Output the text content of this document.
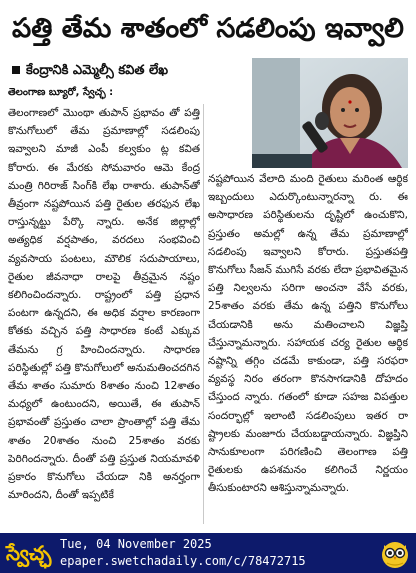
పత్తి తేమ శాతంలో సడలింపు ఇవ్వాలి
కేంద్రానికి ఎమ్మెల్సీ కవిత లేఖ
తెలంగాణ బ్యూరో, స్వేచ్ఛ :

తెలంగాణలో మొంథా తుపాన్ ప్రభావం తో పత్తి కొనుగోలులో తేమ ప్రమాణాల్లో సడలింపు ఇవ్వాలని మాజీ ఎంపీ కల్వకుం ట్ల కవిత కోరారు. ఈ మేరకు సోమవారం ఆమె కేంద్ర మంత్రి గిరిరాజ్ సింగ్‌కి లేఖ రాశారు. తుపాన్‌తో తీవ్రంగా నష్టపోయిన పత్తి రైతుల తరఫున లేఖ రాస్తున్నట్టు పేర్కొ న్నారు. అనేక జిల్లాల్లో అత్యధిక వర్షపాతం, వరదలు సంభవించి వ్యవసాయ పంటలు, మౌలిక సదుపాయాలు, రైతుల జీవనాధా రాలపై తీవ్రమైన నష్టం కలిగించిందన్నారు. రాష్ట్రంలో పత్తి ప్రధాన పంటగా ఉన్నదని, ఈ అధిక వర్షాల కారణంగా కోతకు వచ్చిన పత్తి సాధారణ కంటే ఎక్కువ తేమను గ్ర హించిందన్నారు. సాధారణ పరిస్థితుల్లో పత్తి కొనుగోలులో అనుమతించదగిన తేమ శాతం సుమారు 8శాతం నుంచి 12శాతం మధ్యలో ఉంటుందని, అయితే, ఈ తుపాన్ ప్రభావంతో ప్రస్తుతం చాలా ప్రాంతాల్లో పత్తి తేమ శాతం 20శాతం నుంచి 25శాతం వరకు పెరిగిందన్నారు. దీంతో పత్తి ప్రస్తుత నియమావళి ప్రకారం కొనుగోలు చేయడా నికి అనర్హంగా మారిందని, దీంతో ఇప్పటికే

నష్టపోయిన వేలాది మంది రైతులు మరింత ఆర్థిక ఇబ్బందులు ఎదుర్కొంటున్నారన్నా రు. ఈ అసాధారణ పరిస్థితులను దృష్టిలో ఉంచుకొని, ప్రస్తుతం అమల్లో ఉన్న తేమ ప్రమాణాల్లో సడలింపు ఇవ్వాలని కోరారు. ప్రస్తుతపత్తి కొనుగోలు సీజన్ ముగిసే వరకు లేదా ప్రభావితమైన పత్తి నిల్వలను సరిగా అంచనా వేసే వరకు, 25శాతం వరకు తేమ ఉన్న పత్తిని కొనుగోలు చేయడానికి అను మతించాలని విజ్ఞప్తి చేస్తున్నామన్నారు. సహాయక చర్య రైతుల ఆర్థిక నష్టాన్ని తగ్గిం చడమే కాకుండా, పత్తి సరఫరా వ్యవస్థ నిరం తరంగా కొనసాగడానికి దోహదం చేస్తుంద న్నారు. గతంలో కూడా సహజ విపత్తుల సందర్భాల్లో ఇలాంటి సడలింపులు ఇతర రా ష్ట్రాలకు మంజూరు చేయబడ్డాయన్నారు. విజ్ఞప్తిని సానుకూలంగా పరిగణించి తెలంగాణ పత్తి రైతులకు ఉపశమనం కలిగించే నిర్ణయం తీసుకుంటారని ఆశిస్తున్నామన్నారు.

స్వేచ్ఛ Tue, 04 November 2025
epaper.swetchadaily.com/c/78472715
